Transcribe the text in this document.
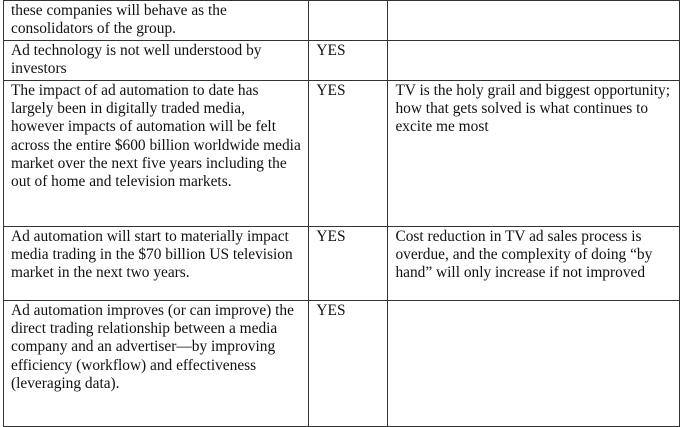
these companies will behave as the consolidators of the group.		
Ad technology is not well understood by investors	YES	
The impact of ad automation to date has largely been in digitally traded media, however impacts of automation will be felt across the entire $600 billion worldwide media market over the next five years including the out of home and television markets.	YES	TV is the holy grail and biggest opportunity; how that gets solved is what continues to excite me most
Ad automation will start to materially impact media trading in the $70 billion US television market in the next two years.	YES	Cost reduction in TV ad sales process is overdue, and the complexity of doing “by hand” will only increase if not improved
Ad automation improves (or can improve) the direct trading relationship between a media company and an advertiser—by improving efficiency (workflow) and effectiveness (leveraging data).	YES	
